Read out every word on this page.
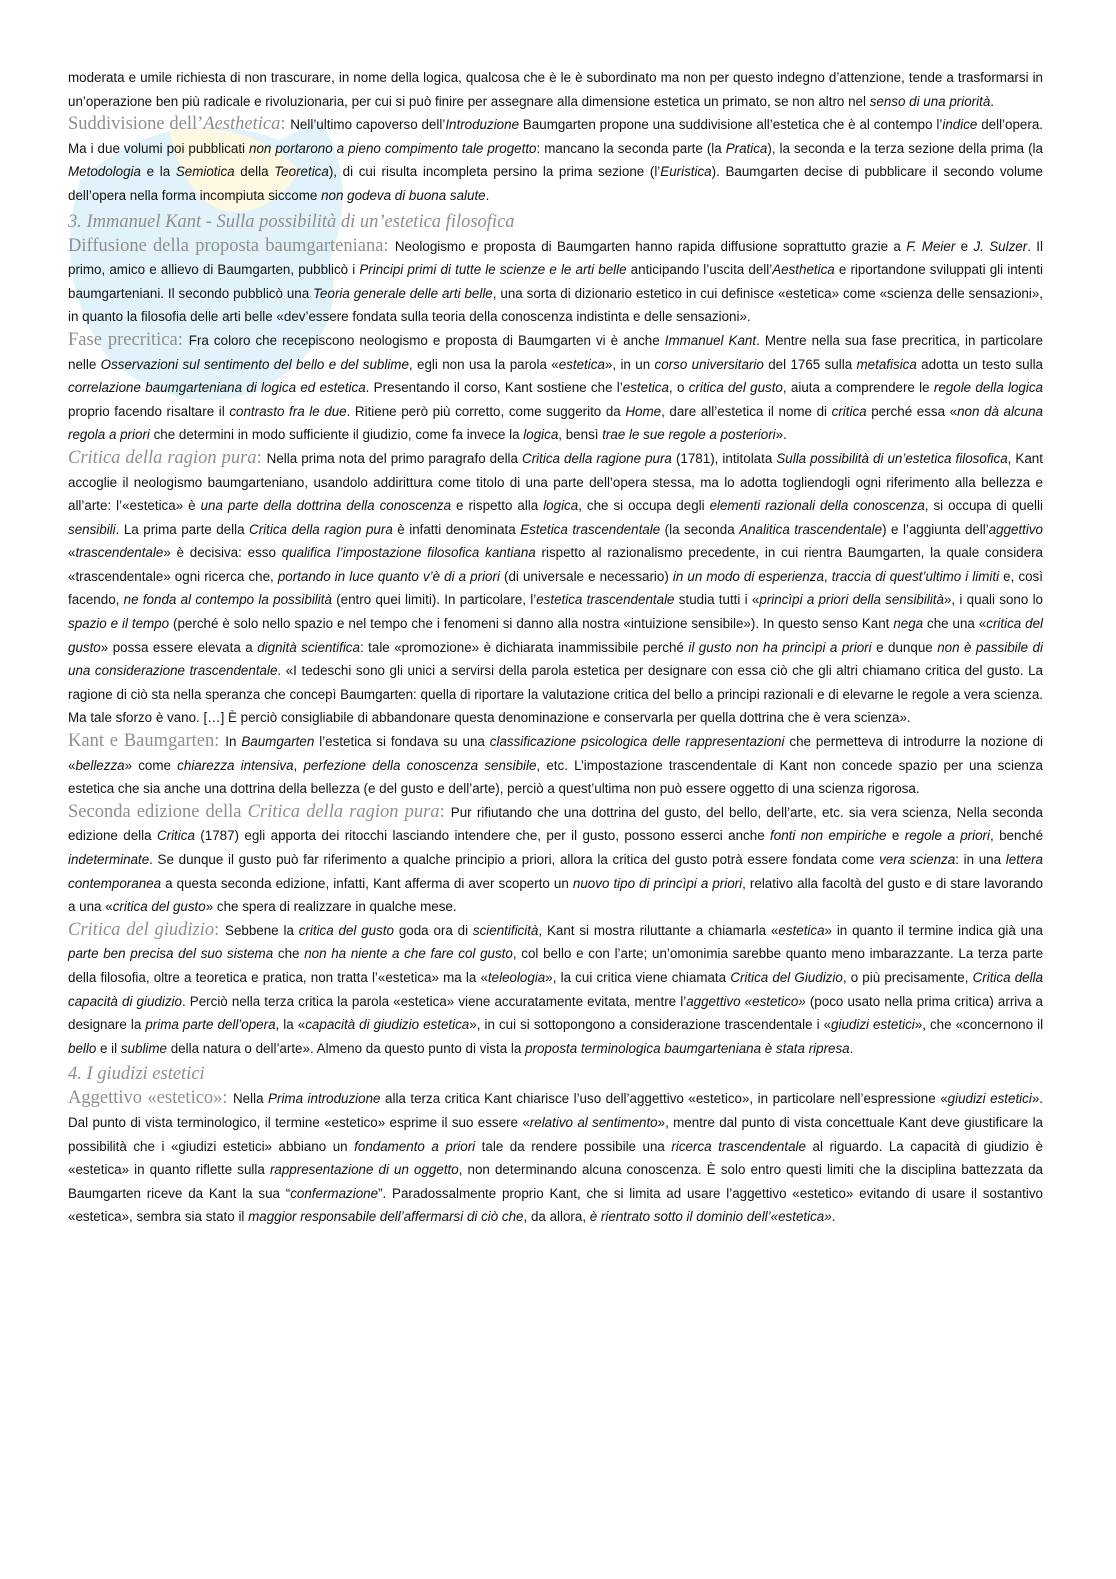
moderata e umile richiesta di non trascurare, in nome della logica, qualcosa che è le è subordinato ma non per questo indegno d’attenzione, tende a trasformarsi in un’operazione ben più radicale e rivoluzionaria, per cui si può finire per assegnare alla dimensione estetica un primato, se non altro nel senso di una priorità.

Suddivisione dell’Aesthetica: Nell’ultimo capoverso dell’Introduzione Baumgarten propone una suddivisione all’estetica che è al contempo l’indice dell’opera. Ma i due volumi poi pubblicati non portarono a pieno compimento tale progetto: mancano la seconda parte (la Pratica), la seconda e la terza sezione della prima (la Metodologia e la Semiotica della Teoretica), di cui risulta incompleta persino la prima sezione (l’Euristica). Baumgarten decise di pubblicare il secondo volume dell’opera nella forma incompiuta siccome non godeva di buona salute.

3. Immanuel Kant - Sulla possibilità di un’estetica filosofica

Diffusione della proposta baumgarteniana: Neologismo e proposta di Baumgarten hanno rapida diffusione soprattutto grazie a F. Meier e J. Sulzer. Il primo, amico e allievo di Baumgarten, pubblicò i Principi primi di tutte le scienze e le arti belle anticipando l’uscita dell’Aesthetica e riportandone sviluppati gli intenti baumgarteniani. Il secondo pubblicò una Teoria generale delle arti belle, una sorta di dizionario estetico in cui definisce «estetica» come «scienza delle sensazioni», in quanto la filosofia delle arti belle «dev’essere fondata sulla teoria della conoscenza indistinta e delle sensazioni».

Fase precritica: Fra coloro che recepiscono neologismo e proposta di Baumgarten vi è anche Immanuel Kant. Mentre nella sua fase precritica, in particolare nelle Osservazioni sul sentimento del bello e del sublime, egli non usa la parola «estetica», in un corso universitario del 1765 sulla metafisica adotta un testo sulla correlazione baumgarteniana di logica ed estetica. Presentando il corso, Kant sostiene che l’estetica, o critica del gusto, aiuta a comprendere le regole della logica proprio facendo risaltare il contrasto fra le due. Ritiene però più corretto, come suggerito da Home, dare all’estetica il nome di critica perché essa «non dà alcuna regola a priori che determini in modo sufficiente il giudizio, come fa invece la logica, bensì trae le sue regole a posteriori».

Critica della ragion pura: Nella prima nota del primo paragrafo della Critica della ragione pura (1781), intitolata Sulla possibilità di un’estetica filosofica, Kant accoglie il neologismo baumgarteniano, usandolo addirittura come titolo di una parte dell’opera stessa, ma lo adotta togliendogli ogni riferimento alla bellezza e all’arte: l’«estetica» è una parte della dottrina della conoscenza e rispetto alla logica, che si occupa degli elementi razionali della conoscenza, si occupa di quelli sensibili. La prima parte della Critica della ragion pura è infatti denominata Estetica trascendentale (la seconda Analitica trascendentale) e l’aggiunta dell’aggettivo «trascendentale» è decisiva: esso qualifica l’impostazione filosofica kantiana rispetto al razionalismo precedente, in cui rientra Baumgarten, la quale considera «trascendentale» ogni ricerca che, portando in luce quanto v’è di a priori (di universale e necessario) in un modo di esperienza, traccia di quest’ultimo i limiti e, così facendo, ne fonda al contempo la possibilità (entro quei limiti). In particolare, l’estetica trascendentale studia tutti i «princìpi a priori della sensibilità», i quali sono lo spazio e il tempo (perché è solo nello spazio e nel tempo che i fenomeni si danno alla nostra «intuizione sensibile»). In questo senso Kant nega che una «critica del gusto» possa essere elevata a dignità scientifica: tale «promozione» è dichiarata inammissibile perché il gusto non ha princìpi a priori e dunque non è passibile di una considerazione trascendentale. «I tedeschi sono gli unici a servirsi della parola estetica per designare con essa ciò che gli altri chiamano critica del gusto. La ragione di ciò sta nella speranza che concepì Baumgarten: quella di riportare la valutazione critica del bello a principi razionali e di elevarne le regole a vera scienza. Ma tale sforzo è vano. […] È perciò consigliabile di abbandonare questa denominazione e conservarla per quella dottrina che è vera scienza».

Kant e Baumgarten: In Baumgarten l’estetica si fondava su una classificazione psicologica delle rappresentazioni che permetteva di introdurre la nozione di «bellezza» come chiarezza intensiva, perfezione della conoscenza sensibile, etc. L’impostazione trascendentale di Kant non concede spazio per una scienza estetica che sia anche una dottrina della bellezza (e del gusto e dell’arte), perciò a quest’ultima non può essere oggetto di una scienza rigorosa.

Seconda edizione della Critica della ragion pura: Pur rifiutando che una dottrina del gusto, del bello, dell’arte, etc. sia vera scienza, Nella seconda edizione della Critica (1787) egli apporta dei ritocchi lasciando intendere che, per il gusto, possono esserci anche fonti non empiriche e regole a priori, benché indeterminate. Se dunque il gusto può far riferimento a qualche principio a priori, allora la critica del gusto potrà essere fondata come vera scienza: in una lettera contemporanea a questa seconda edizione, infatti, Kant afferma di aver scoperto un nuovo tipo di princìpi a priori, relativo alla facoltà del gusto e di stare lavorando a una «critica del gusto» che spera di realizzare in qualche mese.

Critica del giudizio: Sebbene la critica del gusto goda ora di scientificità, Kant si mostra riluttante a chiamarla «estetica» in quanto il termine indica già una parte ben precisa del suo sistema che non ha niente a che fare col gusto, col bello e con l’arte; un’omonimia sarebbe quanto meno imbarazzante. La terza parte della filosofia, oltre a teoretica e pratica, non tratta l’«estetica» ma la «teleologia», la cui critica viene chiamata Critica del Giudizio, o più precisamente, Critica della capacità di giudizio. Perciò nella terza critica la parola «estetica» viene accuratamente evitata, mentre l’aggettivo «estetico» (poco usato nella prima critica) arriva a designare la prima parte dell’opera, la «capacità di giudizio estetica», in cui si sottopongono a considerazione trascendentale i «giudizi estetici», che «concernono il bello e il sublime della natura o dell’arte». Almeno da questo punto di vista la proposta terminologica baumgarteniana è stata ripresa.

4. I giudizi estetici

Aggettivo «estetico»: Nella Prima introduzione alla terza critica Kant chiarisce l’uso dell’aggettivo «estetico», in particolare nell’espressione «giudizi estetici». Dal punto di vista terminologico, il termine «estetico» esprime il suo essere «relativo al sentimento», mentre dal punto di vista concettuale Kant deve giustificare la possibilità che i «giudizi estetici» abbiano un fondamento a priori tale da rendere possibile una ricerca trascendentale al riguardo. La capacità di giudizio è «estetica» in quanto riflette sulla rappresentazione di un oggetto, non determinando alcuna conoscenza. È solo entro questi limiti che la disciplina battezzata da Baumgarten riceve da Kant la sua “confermazione”. Paradossalmente proprio Kant, che si limita ad usare l’aggettivo «estetico» evitando di usare il sostantivo «estetica», sembra sia stato il maggior responsabile dell’affermarsi di ciò che, da allora, è rientrato sotto il dominio dell’«estetica».
